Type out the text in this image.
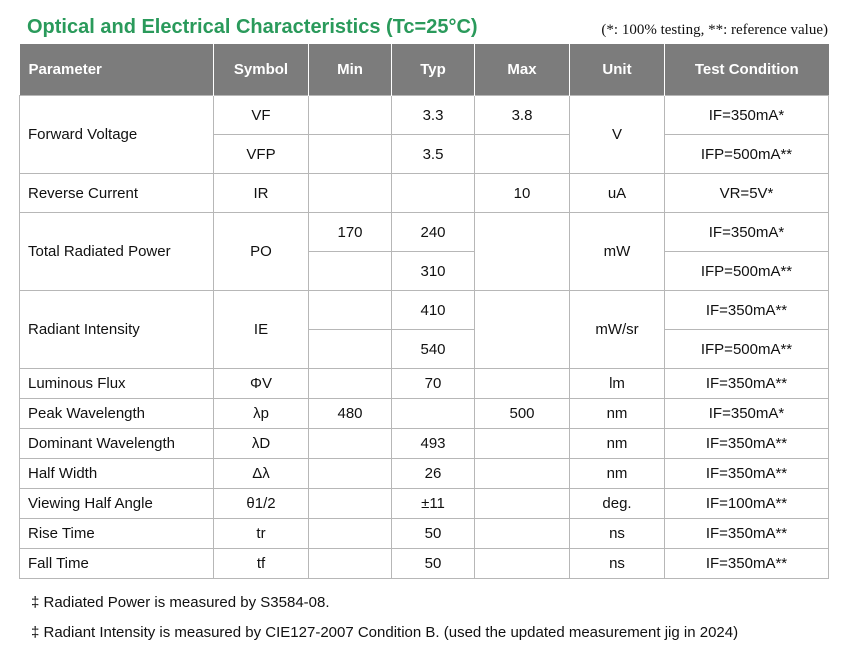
Optical and Electrical Characteristics (Tc=25°C)	(*: 100% testing, **: reference value)
Parameter	Symbol	Min	Typ	Max	Unit	Test Condition
Forward Voltage	VF		3.3	3.8	V	IF=350mA*
	VFP		3.5			IFP=500mA**
Reverse Current	IR			10	uA	VR=5V*
Total Radiated Power	PO	170	240		mW	IF=350mA*
			310			IFP=500mA**
Radiant Intensity	IE		410		mW/sr	IF=350mA**
			540			IFP=500mA**
Luminous Flux	ΦV		70		lm	IF=350mA**
Peak Wavelength	λp	480		500	nm	IF=350mA*
Dominant Wavelength	λD		493		nm	IF=350mA**
Half Width	Δλ		26		nm	IF=350mA**
Viewing Half Angle	θ1/2		±11		deg.	IF=100mA**
Rise Time	tr		50		ns	IF=350mA**
Fall Time	tf		50		ns	IF=350mA**
‡ Radiated Power is measured by S3584-08.
‡ Radiant Intensity is measured by CIE127-2007 Condition B. (used the updated measurement jig in 2024)
